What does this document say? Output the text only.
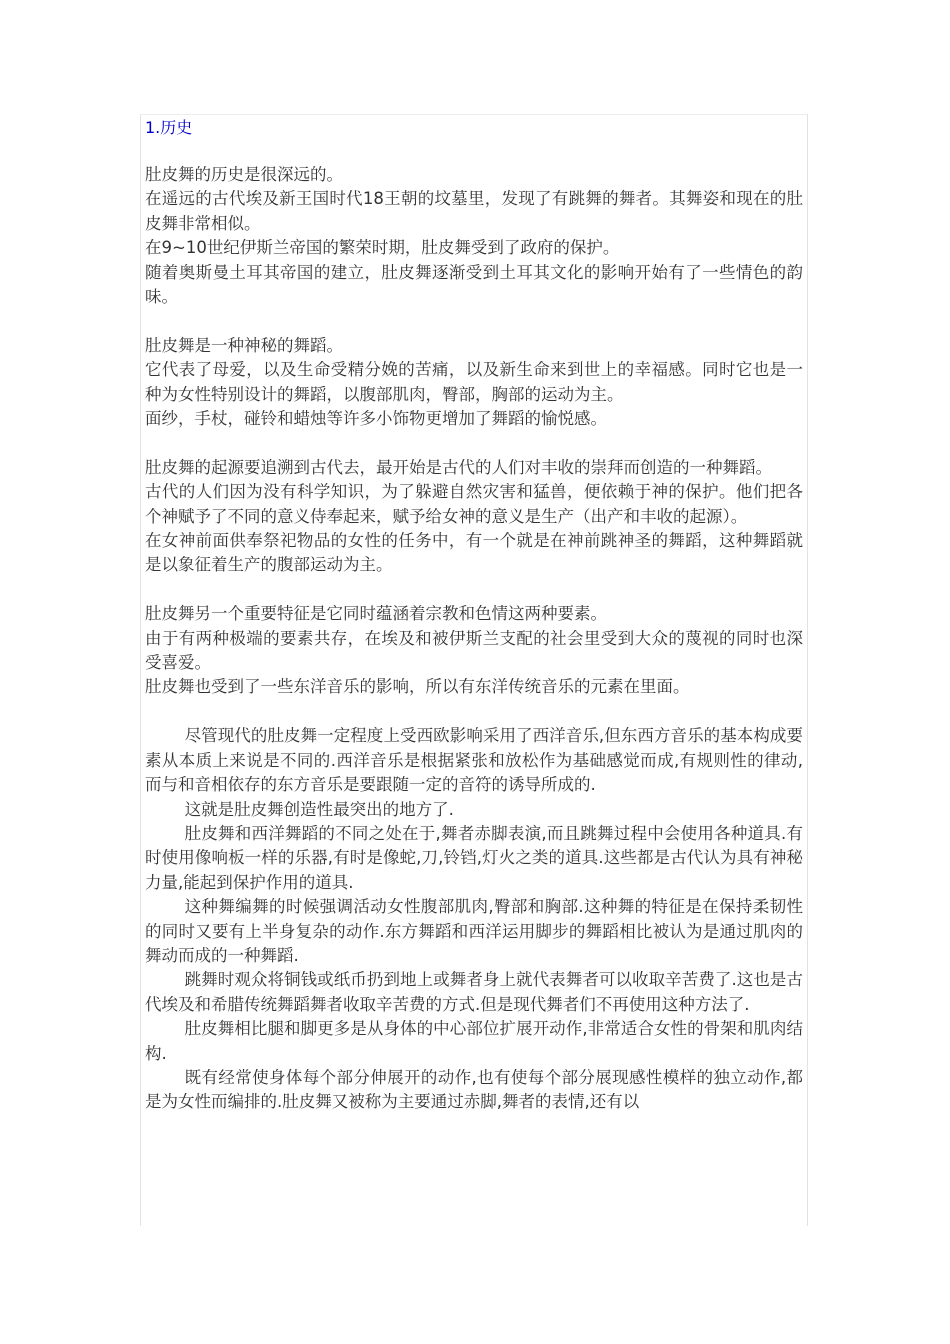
1.历史

肚皮舞的历史是很深远的。

在遥远的古代埃及新王国时代18王朝的坟墓里，发现了有跳舞的舞者。其舞姿和现在的肚皮舞非常相似。

在9~10世纪伊斯兰帝国的繁荣时期，肚皮舞受到了政府的保护。

随着奥斯曼土耳其帝国的建立，肚皮舞逐渐受到土耳其文化的影响开始有了一些情色的韵味。

肚皮舞是一种神秘的舞蹈。

它代表了母爱，以及生命受精分娩的苦痛，以及新生命来到世上的幸福感。同时它也是一种为女性特别设计的舞蹈，以腹部肌肉，臀部，胸部的运动为主。

面纱，手杖，碰铃和蜡烛等许多小饰物更增加了舞蹈的愉悦感。

肚皮舞的起源要追溯到古代去，最开始是古代的人们对丰收的崇拜而创造的一种舞蹈。

古代的人们因为没有科学知识，为了躲避自然灾害和猛兽，便依赖于神的保护。他们把各个神赋予了不同的意义侍奉起来，赋予给女神的意义是生产（出产和丰收的起源）。

在女神前面供奉祭祀物品的女性的任务中，有一个就是在神前跳神圣的舞蹈，这种舞蹈就是以象征着生产的腹部运动为主。

肚皮舞另一个重要特征是它同时蕴涵着宗教和色情这两种要素。

由于有两种极端的要素共存，在埃及和被伊斯兰支配的社会里受到大众的蔑视的同时也深受喜爱。

肚皮舞也受到了一些东洋音乐的影响，所以有东洋传统音乐的元素在里面。

尽管现代的肚皮舞一定程度上受西欧影响采用了西洋音乐,但东西方音乐的基本构成要素从本质上来说是不同的.西洋音乐是根据紧张和放松作为基础感觉而成,有规则性的律动,而与和音相依存的东方音乐是要跟随一定的音符的诱导所成的.

这就是肚皮舞创造性最突出的地方了.

肚皮舞和西洋舞蹈的不同之处在于,舞者赤脚表演,而且跳舞过程中会使用各种道具.有时使用像响板一样的乐器,有时是像蛇,刀,铃铛,灯火之类的道具.这些都是古代认为具有神秘力量,能起到保护作用的道具.

这种舞编舞的时候强调活动女性腹部肌肉,臀部和胸部.这种舞的特征是在保持柔韧性的同时又要有上半身复杂的动作.东方舞蹈和西洋运用脚步的舞蹈相比被认为是通过肌肉的舞动而成的一种舞蹈.

跳舞时观众将铜钱或纸币扔到地上或舞者身上就代表舞者可以收取辛苦费了.这也是古代埃及和希腊传统舞蹈舞者收取辛苦费的方式.但是现代舞者们不再使用这种方法了.

肚皮舞相比腿和脚更多是从身体的中心部位扩展开动作,非常适合女性的骨架和肌肉结构.

既有经常使身体每个部分伸展开的动作,也有使每个部分展现感性模样的独立动作,都是为女性而编排的.肚皮舞又被称为主要通过赤脚,舞者的表情,还有以
